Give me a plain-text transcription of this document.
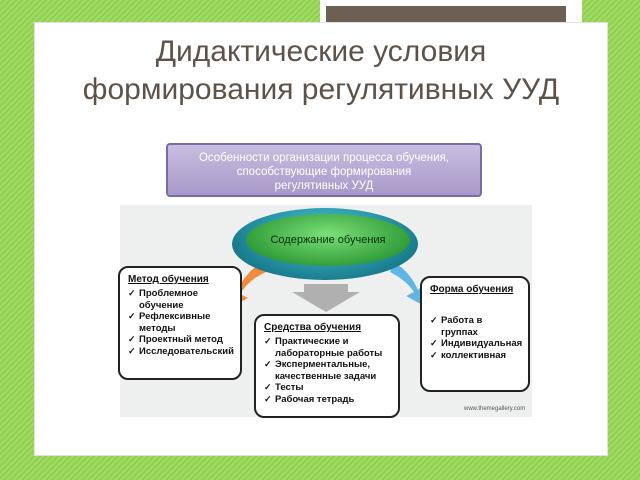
Дидактические условия
формирования регулятивных УУД
Особенности организации процесса обучения,
способствующие формирования
регулятивных УУД
Содержание обучения
Метод обучения
✓ Проблемное обучение
✓ Рефлексивные методы
✓ Проектный метод
✓ Исследовательский
Средства обучения
✓ Практические и лабораторные работы
✓ Эксперментальные, качественные задачи
✓ Тесты
✓ Рабочая тетрадь
Форма обучения
✓ Работа в группах
✓ Индивидуальная
✓ коллективная
www.themegallery.com
